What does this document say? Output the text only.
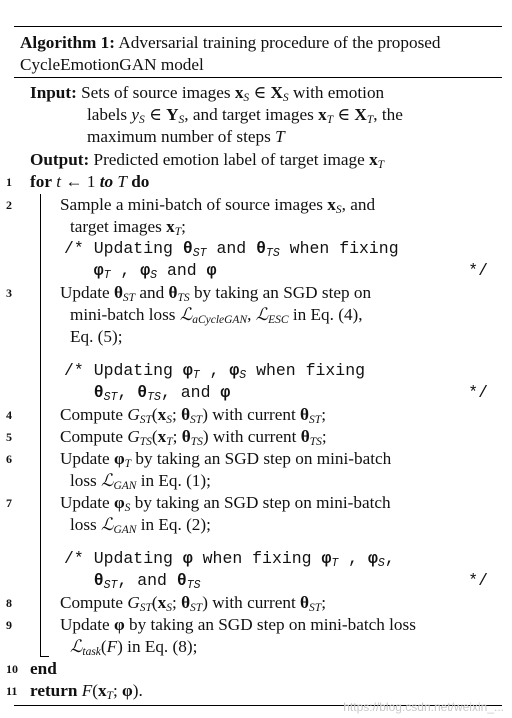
Algorithm 1: Adversarial training procedure of the proposed CycleEmotionGAN model
Input: Sets of source images $x_S$ ∈ $X_S$ with emotion
labels $y_S$ ∈ $Y_S$, and target images $x_T$ ∈ $X_T$, the
maximum number of steps T
Output: Predicted emotion label of target image $x_T$
1	for t ← 1 to T do
2	Sample a mini-batch of source images $x_S$, and
target images $x_T$;
/* Updating $\theta_{ST}$ and $\theta_{TS}$ when fixing
$\varphi_T$ , $\varphi_S$ and φ	*/
3	Update $\theta_{ST}$ and $\theta_{TS}$ by taking an SGD step on
mini-batch loss ℒ$_{aCycleGAN}$, ℒ$_{ESC}$ in Eq. (4),
Eq. (5);
/* Updating $\varphi_T$ , $\varphi_S$ when fixing
$\theta_{ST}$, $\theta_{TS}$, and φ	*/
4	Compute $G_{ST}(x_S$; $\theta_{ST}$) with current $\theta_{ST}$;
5	Compute $G_{TS}(x_T$; $\theta_{TS}$) with current $\theta_{TS}$;
6	Update $\varphi_T$ by taking an SGD step on mini-batch
loss ℒ$_{GAN}$ in Eq. (1);
7	Update $\varphi_S$ by taking an SGD step on mini-batch
loss ℒ$_{GAN}$ in Eq. (2);
/* Updating φ when fixing $\varphi_T$ , $\varphi_S$,
$\theta_{ST}$, and $\theta_{TS}$	*/
8	Compute $G_{ST}(x_S$; $\theta_{ST}$) with current $\theta_{ST}$;
9	Update φ by taking an SGD step on mini-batch loss
ℒ$_{task}$(F) in Eq. (8);
10 end
11 return $F(x_T$; φ).
https://blog.csdn.net/weixin_...
